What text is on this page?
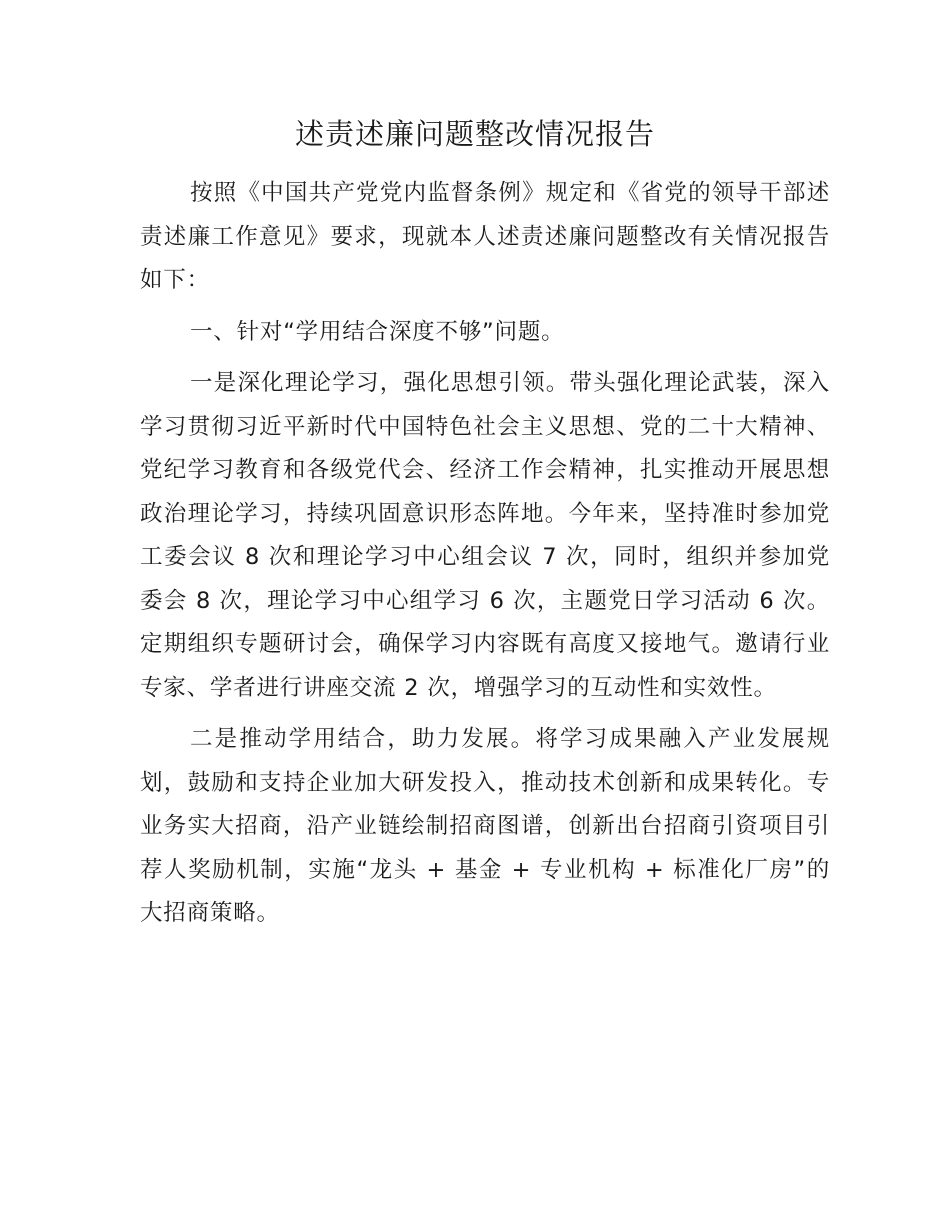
述责述廉问题整改情况报告

按照《中国共产党党内监督条例》规定和《省党的领导干部述责述廉工作意见》要求，现就本人述责述廉问题整改有关情况报告如下：

一、针对“学用结合深度不够”问题。

一是深化理论学习，强化思想引领。带头强化理论武装，深入学习贯彻习近平新时代中国特色社会主义思想、党的二十大精神、党纪学习教育和各级党代会、经济工作会精神，扎实推动开展思想政治理论学习，持续巩固意识形态阵地。今年来，坚持准时参加党工委会议 8 次和理论学习中心组会议 7 次，同时，组织并参加党委会 8 次，理论学习中心组学习 6 次，主题党日学习活动 6 次。定期组织专题研讨会，确保学习内容既有高度又接地气。邀请行业专家、学者进行讲座交流 2 次，增强学习的互动性和实效性。

二是推动学用结合，助力发展。将学习成果融入产业发展规划，鼓励和支持企业加大研发投入，推动技术创新和成果转化。专业务实大招商，沿产业链绘制招商图谱，创新出台招商引资项目引荐人奖励机制，实施“龙头 + 基金 + 专业机构 + 标准化厂房”的大招商策略。
